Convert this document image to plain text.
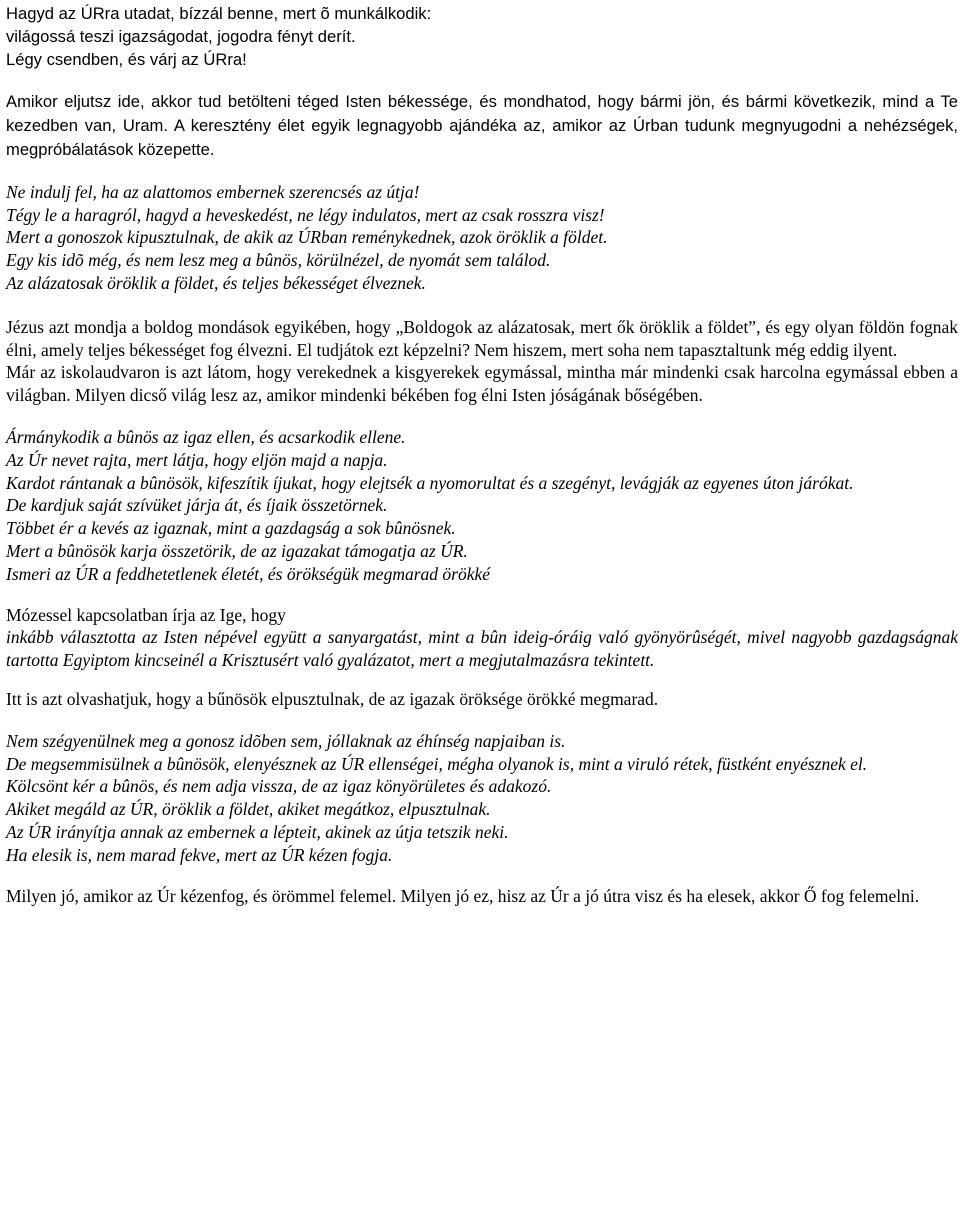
Hagyd az ÚRra utadat, bízzál benne, mert õ munkálkodik:
világossá teszi igazságodat, jogodra fényt derít.
Légy csendben, és várj az ÚRra!
Amikor eljutsz ide, akkor tud betölteni téged Isten békessége, és mondhatod, hogy bármi jön, és bármi következik, mind a Te kezedben van, Uram. A keresztény élet egyik legnagyobb ajándéka az, amikor az Úrban tudunk megnyugodni a nehézségek, megpróbálatások közepette.
Ne indulj fel, ha az alattomos embernek szerencsés az útja!
Tégy le a haragról, hagyd a heveskedést, ne légy indulatos, mert az csak rosszra visz!
Mert a gonoszok kipusztulnak, de akik az ÚRban reménykednek, azok öröklik a földet.
Egy kis idõ még, és nem lesz meg a bûnös, körülnézel, de nyomát sem találod.
Az alázatosak öröklik a földet, és teljes békességet élveznek.
Jézus azt mondja a boldog mondások egyikében, hogy „Boldogok az alázatosak, mert ők öröklik a földet”, és egy olyan földön fognak élni, amely teljes békességet fog élvezni. El tudjátok ezt képzelni? Nem hiszem, mert soha nem tapasztaltunk még eddig ilyent.
Már az iskolaudvaron is azt látom, hogy verekednek a kisgyerekek egymással, mintha már mindenki csak harcolna egymással ebben a világban. Milyen dicső világ lesz az, amikor mindenki békében fog élni Isten jóságának bőségében.
Ármánykodik a bûnös az igaz ellen, és acsarkodik ellene.
Az Úr nevet rajta, mert látja, hogy eljön majd a napja.
Kardot rántanak a bûnösök, kifeszítik íjukat, hogy elejtsék a nyomorultat és a szegényt, levágják az egyenes úton járókat.
De kardjuk saját szívüket járja át, és íjaik összetörnek.
Többet ér a kevés az igaznak, mint a gazdagság a sok bûnösnek.
Mert a bûnösök karja összetörik, de az igazakat támogatja az ÚR.
Ismeri az ÚR a feddhetetlenek életét, és örökségük megmarad örökké
Mózessel kapcsolatban írja az Ige, hogy
inkább választotta az Isten népével együtt a sanyargatást, mint a bûn ideig-óráig való gyönyörûségét, mivel nagyobb gazdagságnak tartotta Egyiptom kincseinél a Krisztusért való gyalázatot, mert a megjutalmazásra tekintett.
Itt is azt olvashatjuk, hogy a bűnösök elpusztulnak, de az igazak öröksége örökké megmarad.
Nem szégyenülnek meg a gonosz idõben sem, jóllaknak az éhínség napjaiban is.
De megsemmisülnek a bûnösök, elenyésznek az ÚR ellenségei, mégha olyanok is, mint a viruló rétek, füstként enyésznek el.
Kölcsönt kér a bûnös, és nem adja vissza, de az igaz könyörületes és adakozó.
Akiket megáld az ÚR, öröklik a földet, akiket megátkoz, elpusztulnak.
Az ÚR irányítja annak az embernek a lépteit, akinek az útja tetszik neki.
Ha elesik is, nem marad fekve, mert az ÚR kézen fogja.
Milyen jó, amikor az Úr kézenfog, és örömmel felemel. Milyen jó ez, hisz az Úr a jó útra visz és ha elesek, akkor Ő fog felemelni.
